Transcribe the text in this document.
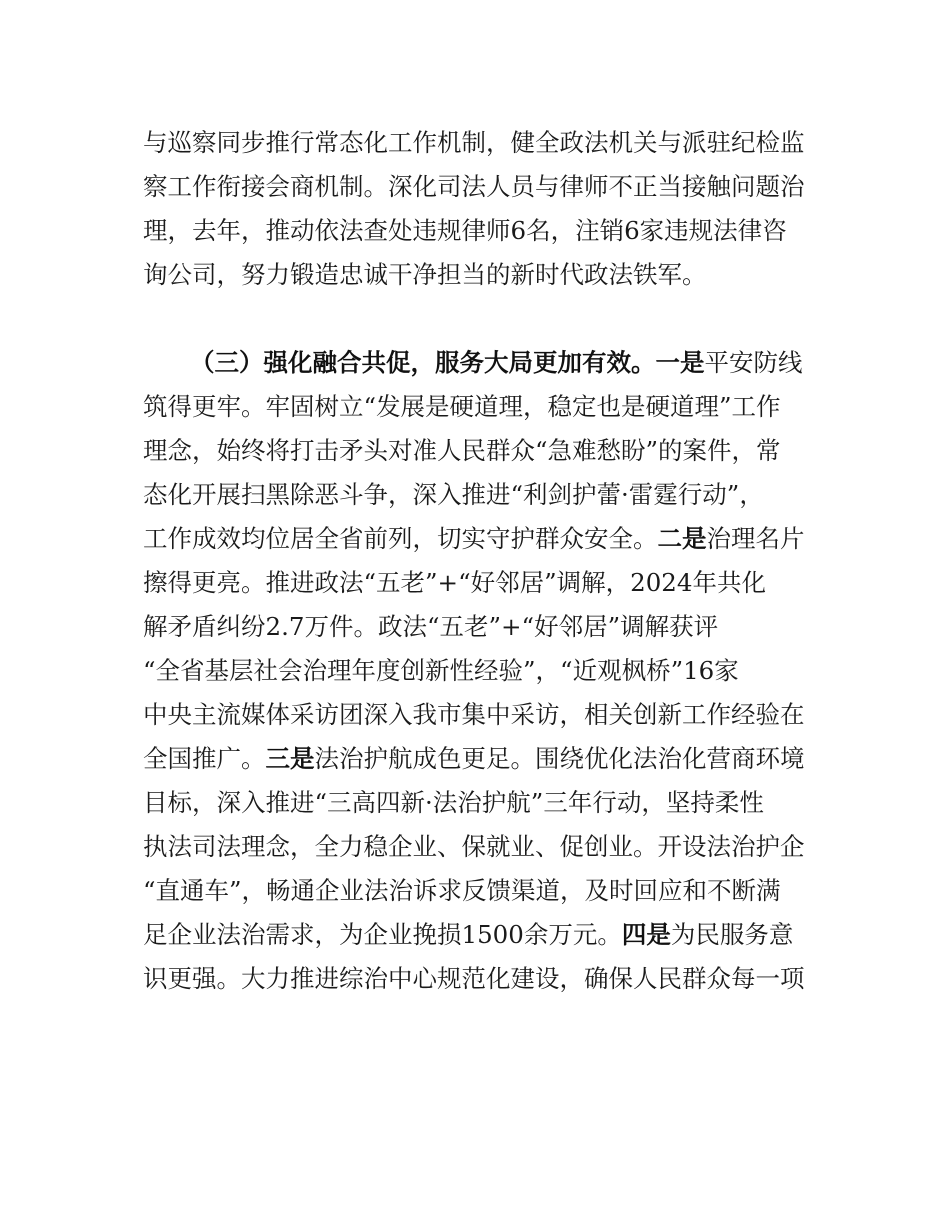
与巡察同步推行常态化工作机制，健全政法机关与派驻纪检监
察工作衔接会商机制。深化司法人员与律师不正当接触问题治
理，去年，推动依法查处违规律师6名，注销6家违规法律咨
询公司，努力锻造忠诚干净担当的新时代政法铁军。
（三）强化融合共促，服务大局更加有效。一是平安防线
筑得更牢。牢固树立“发展是硬道理，稳定也是硬道理”工作
理念，始终将打击矛头对准人民群众“急难愁盼”的案件，常
态化开展扫黑除恶斗争，深入推进“利剑护蕾·雷霆行动”，
工作成效均位居全省前列，切实守护群众安全。二是治理名片
擦得更亮。推进政法“五老”+“好邻居”调解，2024年共化
解矛盾纠纷2.7万件。政法“五老”+“好邻居”调解获评
“全省基层社会治理年度创新性经验”，“近观枫桥”16家
中央主流媒体采访团深入我市集中采访，相关创新工作经验在
全国推广。三是法治护航成色更足。围绕优化法治化营商环境
目标，深入推进“三高四新·法治护航”三年行动，坚持柔性
执法司法理念，全力稳企业、保就业、促创业。开设法治护企
“直通车”，畅通企业法治诉求反馈渠道，及时回应和不断满
足企业法治需求，为企业挽损1500余万元。四是为民服务意
识更强。大力推进综治中心规范化建设，确保人民群众每一项
